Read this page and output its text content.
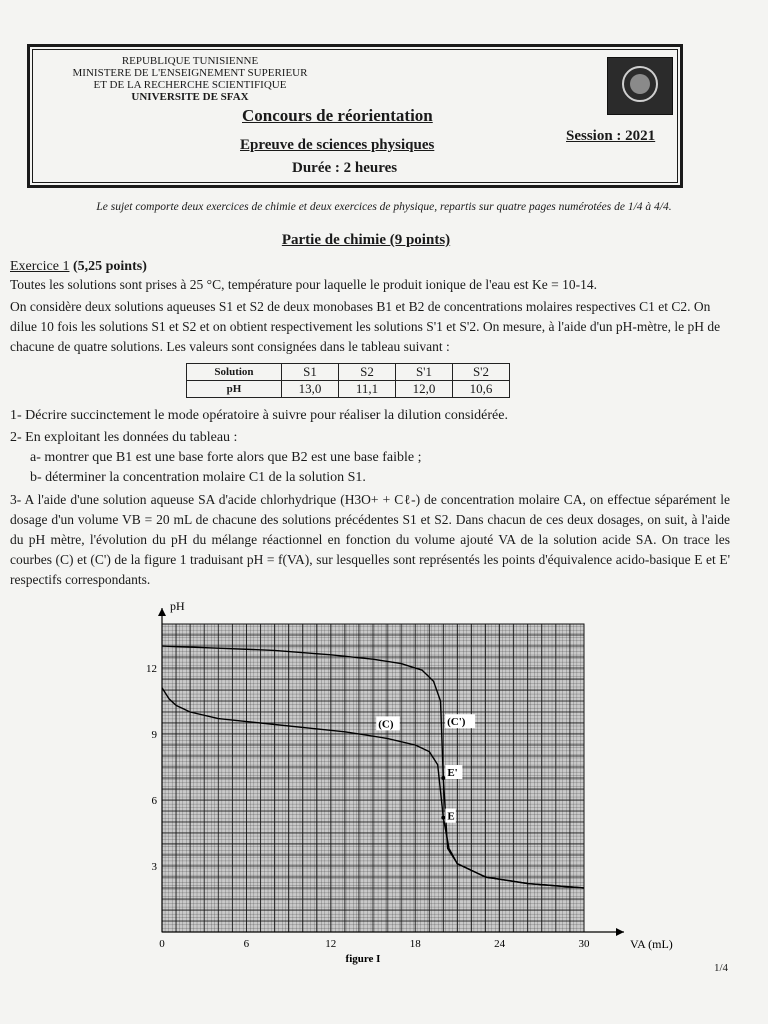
REPUBLIQUE TUNISIENNE
MINISTERE DE L'ENSEIGNEMENT SUPERIEUR
ET DE LA RECHERCHE SCIENTIFIQUE
UNIVERSITE DE SFAX
Concours de réorientation
Epreuve de sciences physiques
Durée : 2 heures
Session : 2021
Le sujet comporte deux exercices de chimie et deux exercices de physique, repartis sur quatre pages numérotées de 1/4 à 4/4.
Partie de chimie (9 points)
Exercice 1 (5,25 points)
Toutes les solutions sont prises à 25 °C, température pour laquelle le produit ionique de l'eau est Ke = 10-14.
On considère deux solutions aqueuses S1 et S2 de deux monobases B1 et B2 de concentrations molaires respectives C1 et C2. On dilue 10 fois les solutions S1 et S2 et on obtient respectivement les solutions S'1 et S'2. On mesure, à l'aide d'un pH-mètre, le pH de chacune de quatre solutions. Les valeurs sont consignées dans le tableau suivant :
Solution	S1	S2	S'1	S'2
pH	13,0	11,1	12,0	10,6
1- Décrire succinctement le mode opératoire à suivre pour réaliser la dilution considérée.
2- En exploitant les données du tableau :
a- montrer que B1 est une base forte alors que B2 est une base faible ;
b- déterminer la concentration molaire C1 de la solution S1.
3- A l'aide d'une solution aqueuse SA d'acide chlorhydrique (H3O+ + Cℓ-) de concentration molaire CA, on effectue séparément le dosage d'un volume VB = 20 mL de chacune des solutions précédentes S1 et S2. Dans chacun de ces deux dosages, on suit, à l'aide du pH mètre, l'évolution du pH du mélange réactionnel en fonction du volume ajouté VA de la solution acide SA. On trace les courbes (C) et (C') de la figure 1 traduisant pH = f(VA), sur lesquelles sont représentés les points d'équivalence acido-basique E et E' respectifs correspondants.
0	6	12	18	24	30
3
6
9
12
(C)	(C')
E'
E
VA (mL)
pH
figure I
1/4
